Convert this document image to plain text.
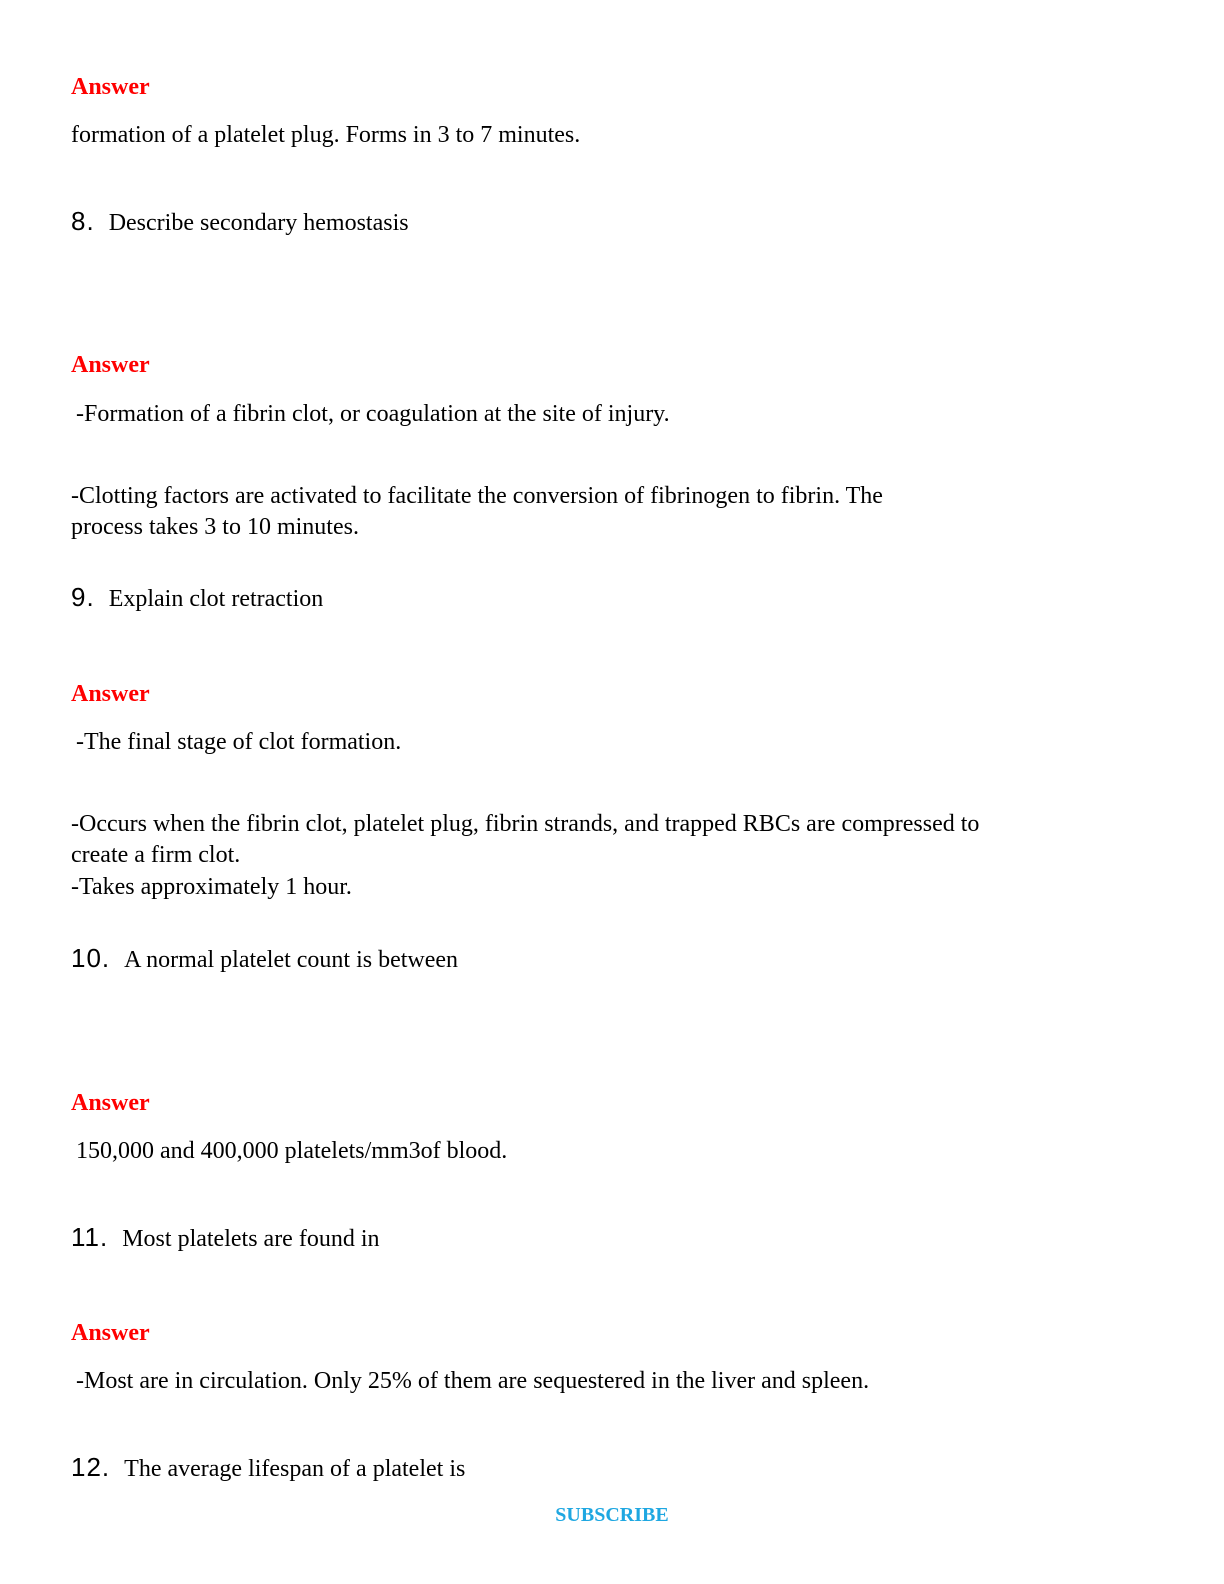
Answer
formation of a platelet plug. Forms in 3 to 7 minutes.
8. Describe secondary hemostasis
Answer
-Formation of a fibrin clot, or coagulation at the site of injury.
-Clotting factors are activated to facilitate the conversion of fibrinogen to fibrin. The
process takes 3 to 10 minutes.
9. Explain clot retraction
Answer
-The final stage of clot formation.
-Occurs when the fibrin clot, platelet plug, fibrin strands, and trapped RBCs are compressed to
create a firm clot.
-Takes approximately 1 hour.
10. A normal platelet count is between
Answer
150,000 and 400,000 platelets/mm3of blood.
11. Most platelets are found in
Answer
-Most are in circulation. Only 25% of them are sequestered in the liver and spleen.
12. The average lifespan of a platelet is
SUBSCRIBE
